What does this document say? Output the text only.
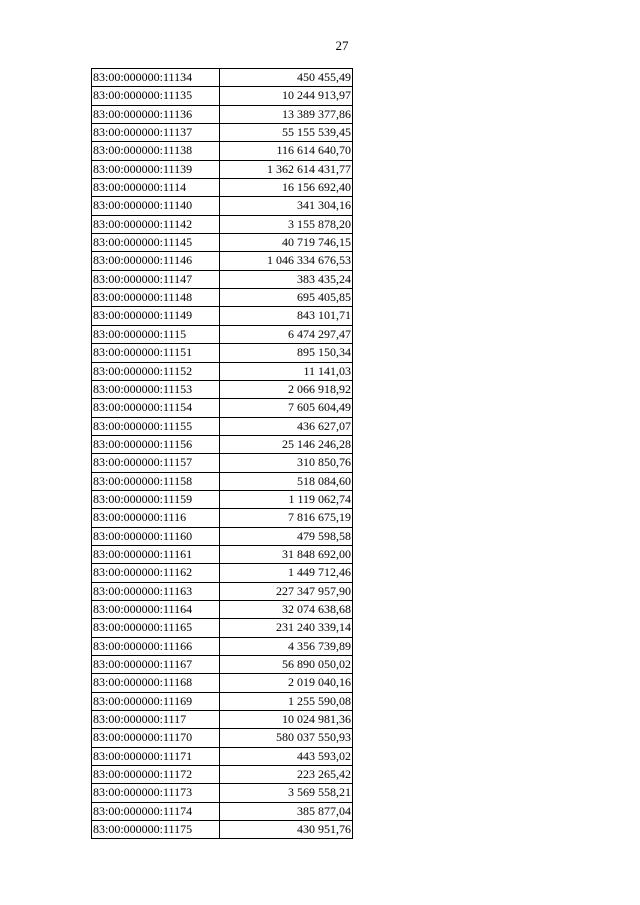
27
83:00:000000:11134	450 455,49
83:00:000000:11135	10 244 913,97
83:00:000000:11136	13 389 377,86
83:00:000000:11137	55 155 539,45
83:00:000000:11138	116 614 640,70
83:00:000000:11139	1 362 614 431,77
83:00:000000:1114	16 156 692,40
83:00:000000:11140	341 304,16
83:00:000000:11142	3 155 878,20
83:00:000000:11145	40 719 746,15
83:00:000000:11146	1 046 334 676,53
83:00:000000:11147	383 435,24
83:00:000000:11148	695 405,85
83:00:000000:11149	843 101,71
83:00:000000:1115	6 474 297,47
83:00:000000:11151	895 150,34
83:00:000000:11152	11 141,03
83:00:000000:11153	2 066 918,92
83:00:000000:11154	7 605 604,49
83:00:000000:11155	436 627,07
83:00:000000:11156	25 146 246,28
83:00:000000:11157	310 850,76
83:00:000000:11158	518 084,60
83:00:000000:11159	1 119 062,74
83:00:000000:1116	7 816 675,19
83:00:000000:11160	479 598,58
83:00:000000:11161	31 848 692,00
83:00:000000:11162	1 449 712,46
83:00:000000:11163	227 347 957,90
83:00:000000:11164	32 074 638,68
83:00:000000:11165	231 240 339,14
83:00:000000:11166	4 356 739,89
83:00:000000:11167	56 890 050,02
83:00:000000:11168	2 019 040,16
83:00:000000:11169	1 255 590,08
83:00:000000:1117	10 024 981,36
83:00:000000:11170	580 037 550,93
83:00:000000:11171	443 593,02
83:00:000000:11172	223 265,42
83:00:000000:11173	3 569 558,21
83:00:000000:11174	385 877,04
83:00:000000:11175	430 951,76
